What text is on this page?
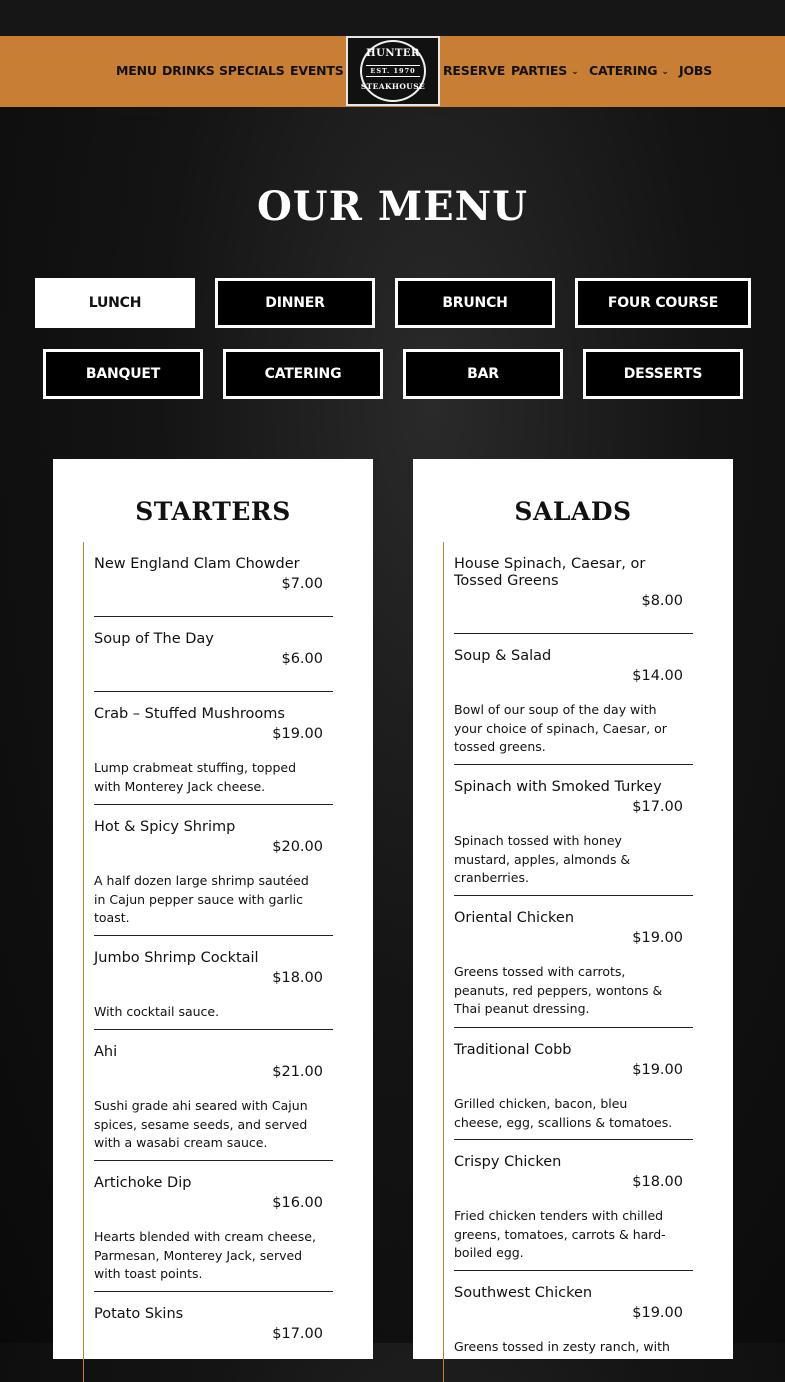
MENU DRINKS SPECIALS EVENTS	RESERVE PARTIES ⌄ CATERING ⌄ JOBS
HUNTER
EST. 1970
STEAKHOUSE
OUR MENU
LUNCH	DINNER	BRUNCH	FOUR COURSE
BANQUET	CATERING	BAR	DESSERTS
STARTERS
New England Clam Chowder
$7.00
Soup of The Day
$6.00
Crab – Stuffed Mushrooms
$19.00
Lump crabmeat stuffing, topped with Monterey Jack cheese.
Hot & Spicy Shrimp
$20.00
A half dozen large shrimp sautéed in Cajun pepper sauce with garlic toast.
Jumbo Shrimp Cocktail
$18.00
With cocktail sauce.
Ahi
$21.00
Sushi grade ahi seared with Cajun spices, sesame seeds, and served with a wasabi cream sauce.
Artichoke Dip
$16.00
Hearts blended with cream cheese, Parmesan, Monterey Jack, served with toast points.
Potato Skins
$17.00
SALADS
House Spinach, Caesar, or Tossed Greens
$8.00
Soup & Salad
$14.00
Bowl of our soup of the day with your choice of spinach, Caesar, or tossed greens.
Spinach with Smoked Turkey
$17.00
Spinach tossed with honey mustard, apples, almonds & cranberries.
Oriental Chicken
$19.00
Greens tossed with carrots, peanuts, red peppers, wontons & Thai peanut dressing.
Traditional Cobb
$19.00
Grilled chicken, bacon, bleu cheese, egg, scallions & tomatoes.
Crispy Chicken
$18.00
Fried chicken tenders with chilled greens, tomatoes, carrots & hard-boiled egg.
Southwest Chicken
$19.00
Greens tossed in zesty ranch, with
